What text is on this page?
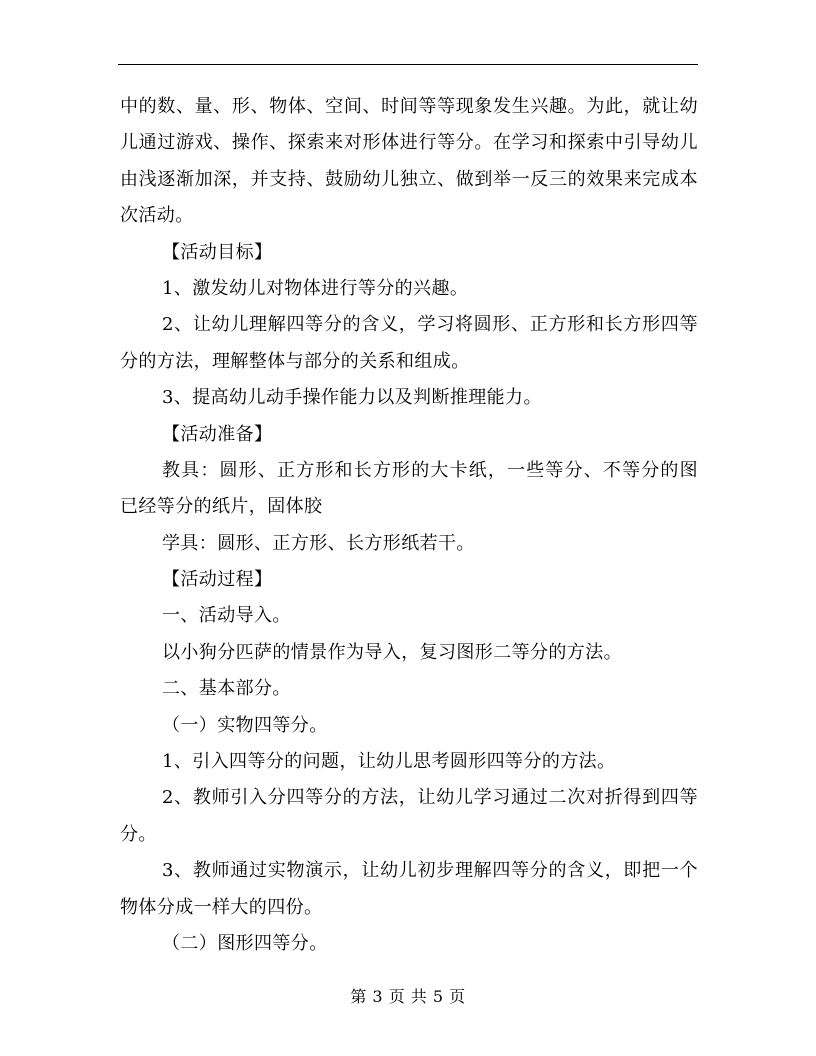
中的数、量、形、物体、空间、时间等等现象发生兴趣。为此，就让幼
儿通过游戏、操作、探索来对形体进行等分。在学习和探索中引导幼儿
由浅逐渐加深，并支持、鼓励幼儿独立、做到举一反三的效果来完成本
次活动。
【活动目标】
1、激发幼儿对物体进行等分的兴趣。
2、让幼儿理解四等分的含义，学习将圆形、正方形和长方形四等
分的方法，理解整体与部分的关系和组成。
3、提高幼儿动手操作能力以及判断推理能力。
【活动准备】
教具：圆形、正方形和长方形的大卡纸，一些等分、不等分的图
已经等分的纸片，固体胶
学具：圆形、正方形、长方形纸若干。
【活动过程】
一、活动导入。
以小狗分匹萨的情景作为导入，复习图形二等分的方法。
二、基本部分。
（一）实物四等分。
1、引入四等分的问题，让幼儿思考圆形四等分的方法。
2、教师引入分四等分的方法，让幼儿学习通过二次对折得到四等
分。
3、教师通过实物演示，让幼儿初步理解四等分的含义，即把一个
物体分成一样大的四份。
（二）图形四等分。
第 3 页 共 5 页
